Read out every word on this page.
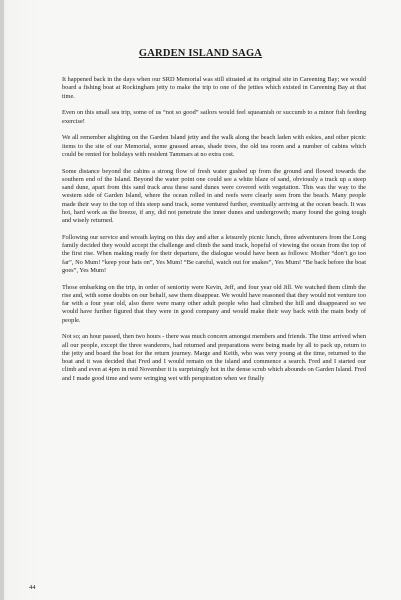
GARDEN ISLAND SAGA

It happened back in the days when our SRD Memorial was still situated at its original site in Careening Bay; we would board a fishing boat at Rockingham jetty to make the trip to one of the jetties which existed in Careening Bay at that time.

Even on this small sea trip, some of us “not so good” sailors would feel squeamish or succumb to a minor fish feeding exercise!

We all remember alighting on the Garden Island jetty and the walk along the beach laden with eskies, and other picnic items to the site of our Memorial, some grassed areas, shade trees, the old tea room and a number of cabins which could be rented for holidays with resident Tammars at no extra cost.

Some distance beyond the cabins a strong flow of fresh water gushed up from the ground and flowed towards the southern end of the Island. Beyond the water point one could see a white blaze of sand, obviously a track up a steep sand dune, apart from this sand track area these sand dunes were covered with vegetation. This was the way to the western side of Garden Island, where the ocean rolled in and reefs were clearly seen from the beach. Many people made their way to the top of this steep sand track, some ventured further, eventually arriving at the ocean beach. It was hot, hard work as the breeze, if any, did not penetrate the inner dunes and undergrowth; many found the going tough and wisely returned.

Following our service and wreath laying on this day and after a leisurely picnic lunch, three adventurers from the Long family decided they would accept the challenge and climb the sand track, hopeful of viewing the ocean from the top of the first rise. When making ready for their departure, the dialogue would have been as follows: Mother “don’t go too far”, No Mum! “keep your hats on”, Yes Mum! “Be careful, watch out for snakes”, Yes Mum! “Be back before the boat goes”, Yes Mum!

Those embarking on the trip, in order of seniority were Kevin, Jeff, and four year old Jill. We watched them climb the rise and, with some doubts on our behalf, saw them disappear. We would have reasoned that they would not venture too far with a four year old, also there were many other adult people who had climbed the hill and disappeared so we would have further figured that they were in good company and would make their way back with the main body of people.

Not so; an hour passed, then two hours - there was much concern amongst members and friends. The time arrived when all our people, except the three wanderers, had returned and preparations were being made by all to pack up, return to the jetty and board the boat for the return journey. Marge and Keith, who was very young at the time, returned to the boat and it was decided that Fred and I would remain on the island and commence a search. Fred and I started our climb and even at 4pm in mid November it is surprisingly hot in the dense scrub which abounds on Garden Island. Fred and I made good time and were wringing wet with perspiration when we finally

44
